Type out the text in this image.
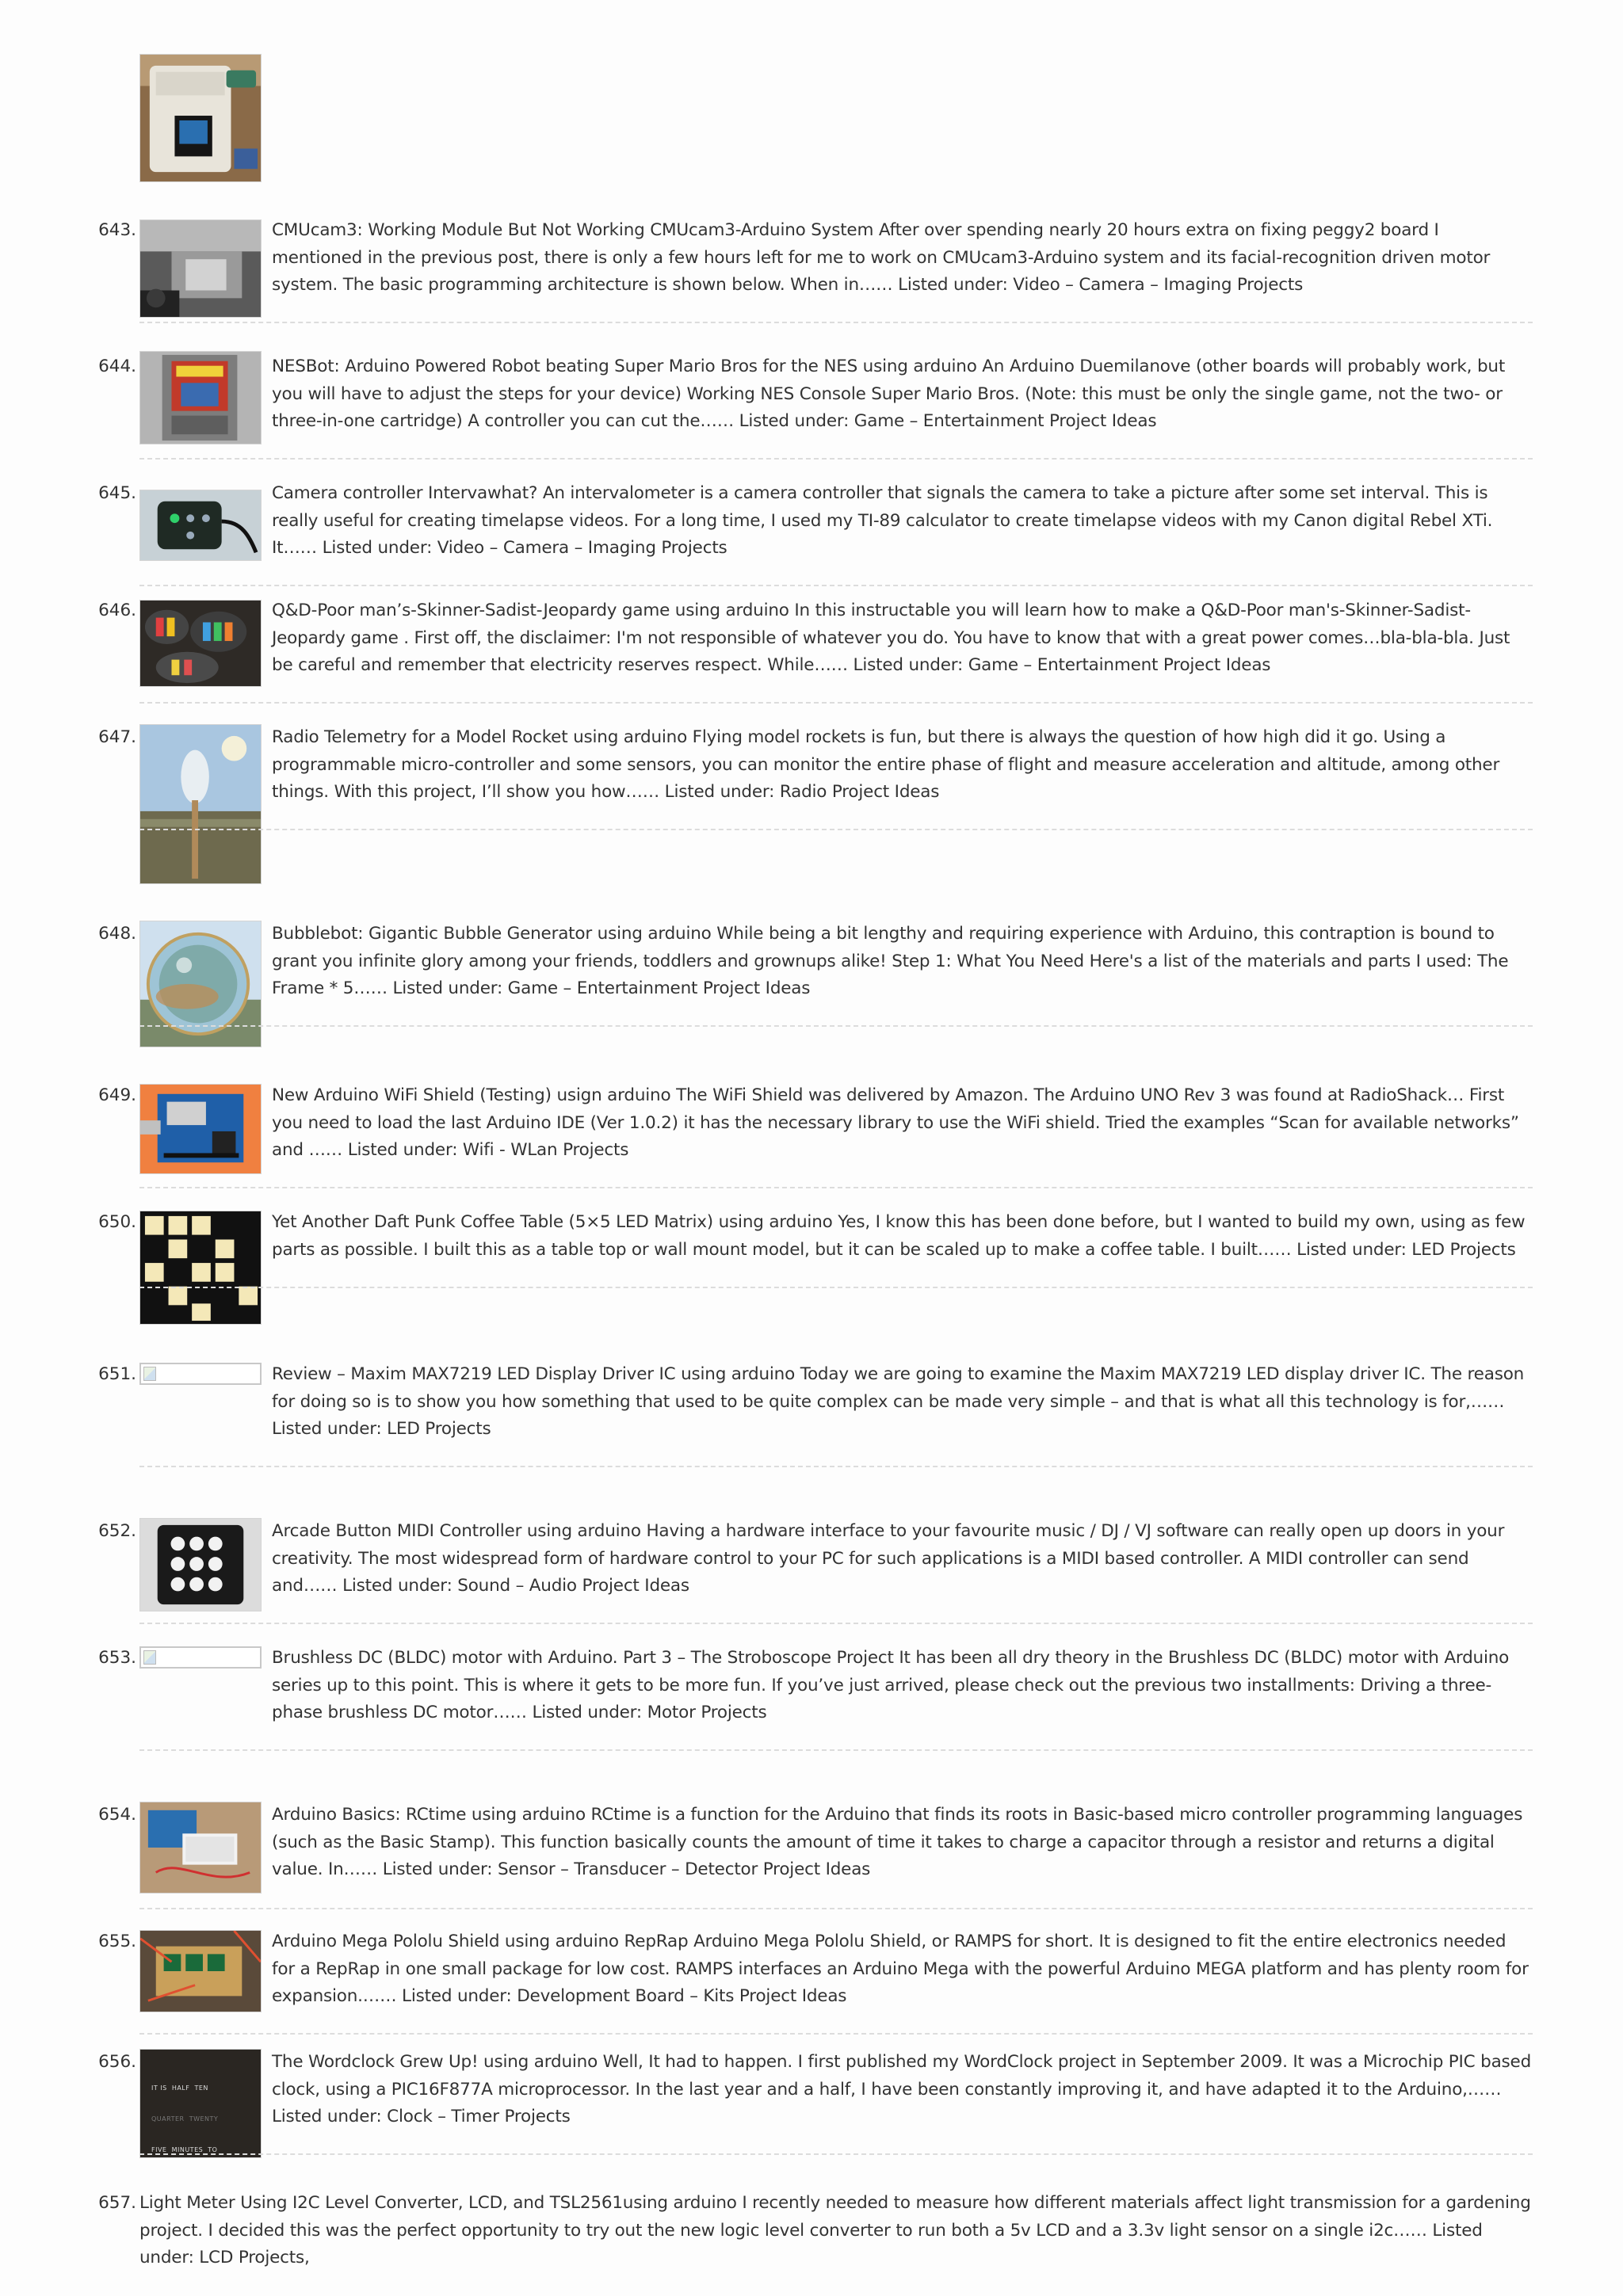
643.	CMUcam3: Working Module But Not Working CMUcam3-Arduino System After over spending nearly 20 hours extra on fixing peggy2 board I mentioned in the previous post, there is only a few hours left for me to work on CMUcam3-Arduino system and its facial-recognition driven motor system. The basic programming architecture is shown below. When in…… Listed under: Video – Camera – Imaging Projects
644.	NESBot: Arduino Powered Robot beating Super Mario Bros for the NES using arduino An Arduino Duemilanove (other boards will probably work, but you will have to adjust the steps for your device) Working NES Console Super Mario Bros. (Note: this must be only the single game, not the two- or three-in-one cartridge) A controller you can cut the…… Listed under: Game – Entertainment Project Ideas
645.	Camera controller Intervawhat? An intervalometer is a camera controller that signals the camera to take a picture after some set interval. This is really useful for creating timelapse videos. For a long time, I used my TI-89 calculator to create timelapse videos with my Canon digital Rebel XTi. It…… Listed under: Video – Camera – Imaging Projects
646.	Q&D-Poor man’s-Skinner-Sadist-Jeopardy game using arduino In this instructable you will learn how to make a Q&D-Poor man's-Skinner-Sadist-Jeopardy game . First off, the disclaimer: I'm not responsible of whatever you do. You have to know that with a great power comes…bla-bla-bla. Just be careful and remember that electricity reserves respect. While…… Listed under: Game – Entertainment Project Ideas
647.	Radio Telemetry for a Model Rocket using arduino Flying model rockets is fun, but there is always the question of how high did it go. Using a programmable micro-controller and some sensors, you can monitor the entire phase of flight and measure acceleration and altitude, among other things. With this project, I’ll show you how…… Listed under: Radio Project Ideas
648.	Bubblebot: Gigantic Bubble Generator using arduino While being a bit lengthy and requiring experience with Arduino, this contraption is bound to grant you infinite glory among your friends, toddlers and grownups alike! Step 1: What You Need Here's a list of the materials and parts I used: The Frame * 5…… Listed under: Game – Entertainment Project Ideas
649.	New Arduino WiFi Shield (Testing) usign arduino The WiFi Shield was delivered by Amazon. The Arduino UNO Rev 3 was found at RadioShack… First you need to load the last Arduino IDE (Ver 1.0.2) it has the necessary library to use the WiFi shield. Tried the examples “Scan for available networks” and …… Listed under: Wifi - WLan Projects
650.	Yet Another Daft Punk Coffee Table (5×5 LED Matrix) using arduino Yes, I know this has been done before, but I wanted to build my own, using as few parts as possible. I built this as a table top or wall mount model, but it can be scaled up to make a coffee table. I built…… Listed under: LED Projects
651.	Review – Maxim MAX7219 LED Display Driver IC using arduino Today we are going to examine the Maxim MAX7219 LED display driver IC. The reason for doing so is to show you how something that used to be quite complex can be made very simple – and that is what all this technology is for,…… Listed under: LED Projects
652.	Arcade Button MIDI Controller using arduino Having a hardware interface to your favourite music / DJ / VJ software can really open up doors in your creativity. The most widespread form of hardware control to your PC for such applications is a MIDI based controller. A MIDI controller can send and…… Listed under: Sound – Audio Project Ideas
653.	Brushless DC (BLDC) motor with Arduino. Part 3 – The Stroboscope Project It has been all dry theory in the Brushless DC (BLDC) motor with Arduino series up to this point. This is where it gets to be more fun. If you’ve just arrived, please check out the previous two installments: Driving a three-phase brushless DC motor…… Listed under: Motor Projects
654.	Arduino Basics: RCtime using arduino RCtime is a function for the Arduino that finds its roots in Basic-based micro controller programming languages (such as the Basic Stamp). This function basically counts the amount of time it takes to charge a capacitor through a resistor and returns a digital value. In…… Listed under: Sensor – Transducer – Detector Project Ideas
655.	Arduino Mega Pololu Shield using arduino RepRap Arduino Mega Pololu Shield, or RAMPS for short. It is designed to fit the entire electronics needed for a RepRap in one small package for low cost. RAMPS interfaces an Arduino Mega with the powerful Arduino MEGA platform and has plenty room for expansion.…… Listed under: Development Board – Kits Project Ideas
656.

IT IS  HALF  TEN

QUARTER  TWENTY

FIVE  MINUTES  TO

The Wordclock Grew Up! using arduino Well, It had to happen. I first published my WordClock project in September 2009. It was a Microchip PIC based clock, using a PIC16F877A microprocessor. In the last year and a half, I have been constantly improving it, and have adapted it to the Arduino,…… Listed under: Clock – Timer Projects
657. Light Meter Using I2C Level Converter, LCD, and TSL2561using arduino I recently needed to measure how different materials affect light transmission for a gardening project. I decided this was the perfect opportunity to try out the new logic level converter to run both a 5v LCD and a 3.3v light sensor on a single i2c…… Listed under: LCD Projects,
